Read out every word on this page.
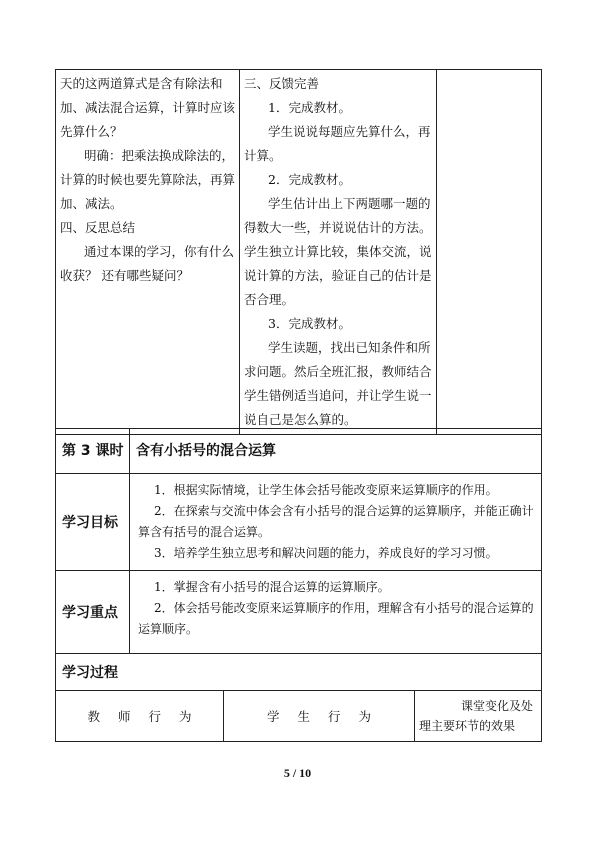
天的这两道算式是含有除法和
加、减法混合运算，计算时应该
先算什么？
明确：把乘法换成除法的，
计算的时候也要先算除法，再算
加、减法。
四、反思总结
通过本课的学习，你有什么
收获？ 还有哪些疑问？

三、反馈完善
1．完成教材。
学生说说每题应先算什么，再
计算。
2．完成教材。
学生估计出上下两题哪一题的
得数大一些，并说说估计的方法。
学生独立计算比较，集体交流，说
说计算的方法，验证自己的估计是
否合理。
3．完成教材。
学生读题，找出已知条件和所
求问题。然后全班汇报，教师结合
学生错例适当追问，并让学生说一
说自己是怎么算的。

第 3 课时	含有小括号的混合运算		

学习目标	1．根据实际情境，让学生体会括号能改变原来运算顺序的作用。
2．在探索与交流中体会含有小括号的混合运算的运算顺序，并能正确计
算含有括号的混合运算。
3．培养学生独立思考和解决问题的能力，养成良好的学习习惯。		

学习重点	1．掌握含有小括号的混合运算的运算顺序。
2．体会括号能改变原来运算顺序的作用，理解含有小括号的混合运算的
运算顺序。		

学习过程			
教 师 行 为		学 生 行 为	课堂变化及处
理主要环节的效果
5 / 10
